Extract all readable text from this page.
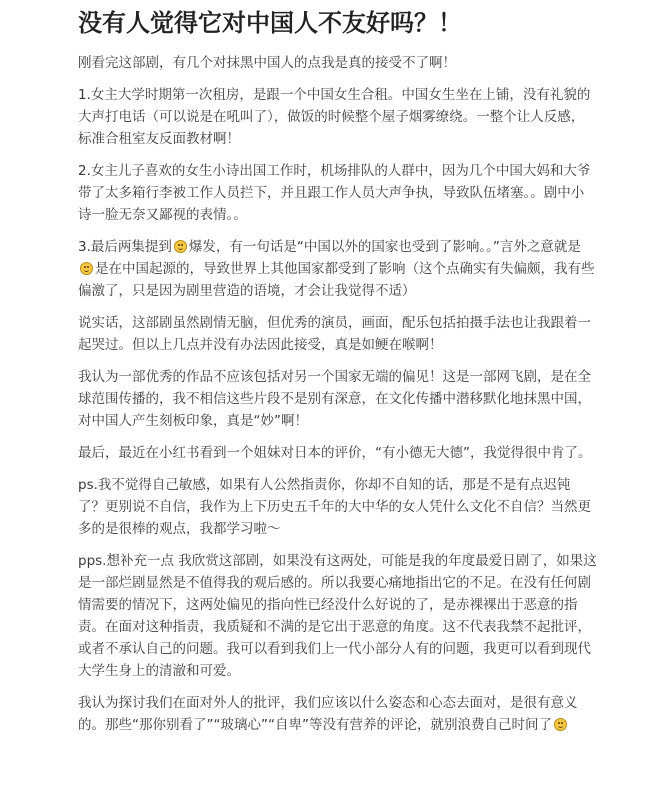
没有人觉得它对中国人不友好吗？！

刚看完这部剧，有几个对抹黑中国人的点我是真的接受不了啊！

1.女主大学时期第一次租房，是跟一个中国女生合租。中国女生坐在上铺，没有礼貌的大声打电话（可以说是在吼叫了），做饭的时候整个屋子烟雾缭绕。一整个让人反感，标准合租室友反面教材啊！

2.女主儿子喜欢的女生小诗出国工作时，机场排队的人群中，因为几个中国大妈和大爷带了太多箱行李被工作人员拦下，并且跟工作人员大声争执，导致队伍堵塞。。剧中小诗一脸无奈又鄙视的表情。。

3.最后两集提到 爆发，有一句话是“中国以外的国家也受到了影响。。”言外之意就是
是在中国起源的，导致世界上其他国家都受到了影响（这个点确实有失偏颇，我有些偏激了，只是因为剧里营造的语境，才会让我觉得不适）

说实话，这部剧虽然剧情无脑，但优秀的演员，画面，配乐包括拍摄手法也让我跟着一起哭过。但以上几点并没有办法因此接受，真是如鲠在喉啊！

我认为一部优秀的作品不应该包括对另一个国家无端的偏见！这是一部网飞剧，是在全球范围传播的，我不相信这些片段不是别有深意，在文化传播中潜移默化地抹黑中国，对中国人产生刻板印象，真是“妙”啊！

最后，最近在小红书看到一个姐妹对日本的评价，“有小德无大德”，我觉得很中肯了。

ps.我不觉得自己敏感，如果有人公然指责你，你却不自知的话，那是不是有点迟钝了？更别说不自信，我作为上下历史五千年的大中华的女人凭什么文化不自信？当然更多的是很棒的观点，我都学习啦～

pps.想补充一点 我欣赏这部剧，如果没有这两处，可能是我的年度最爱日剧了，如果这是一部烂剧显然是不值得我的观后感的。所以我要心痛地指出它的不足。在没有任何剧情需要的情况下，这两处偏见的指向性已经没什么好说的了，是赤裸裸出于恶意的指责。在面对这种指责，我质疑和不满的是它出于恶意的角度。这不代表我禁不起批评，或者不承认自己的问题。我可以看到我们上一代小部分人有的问题，我更可以看到现代大学生身上的清澈和可爱。

我认为探讨我们在面对外人的批评，我们应该以什么姿态和心态去面对，是很有意义的。那些“那你别看了”“玻璃心”“自卑”等没有营养的评论，就别浪费自己时间了
